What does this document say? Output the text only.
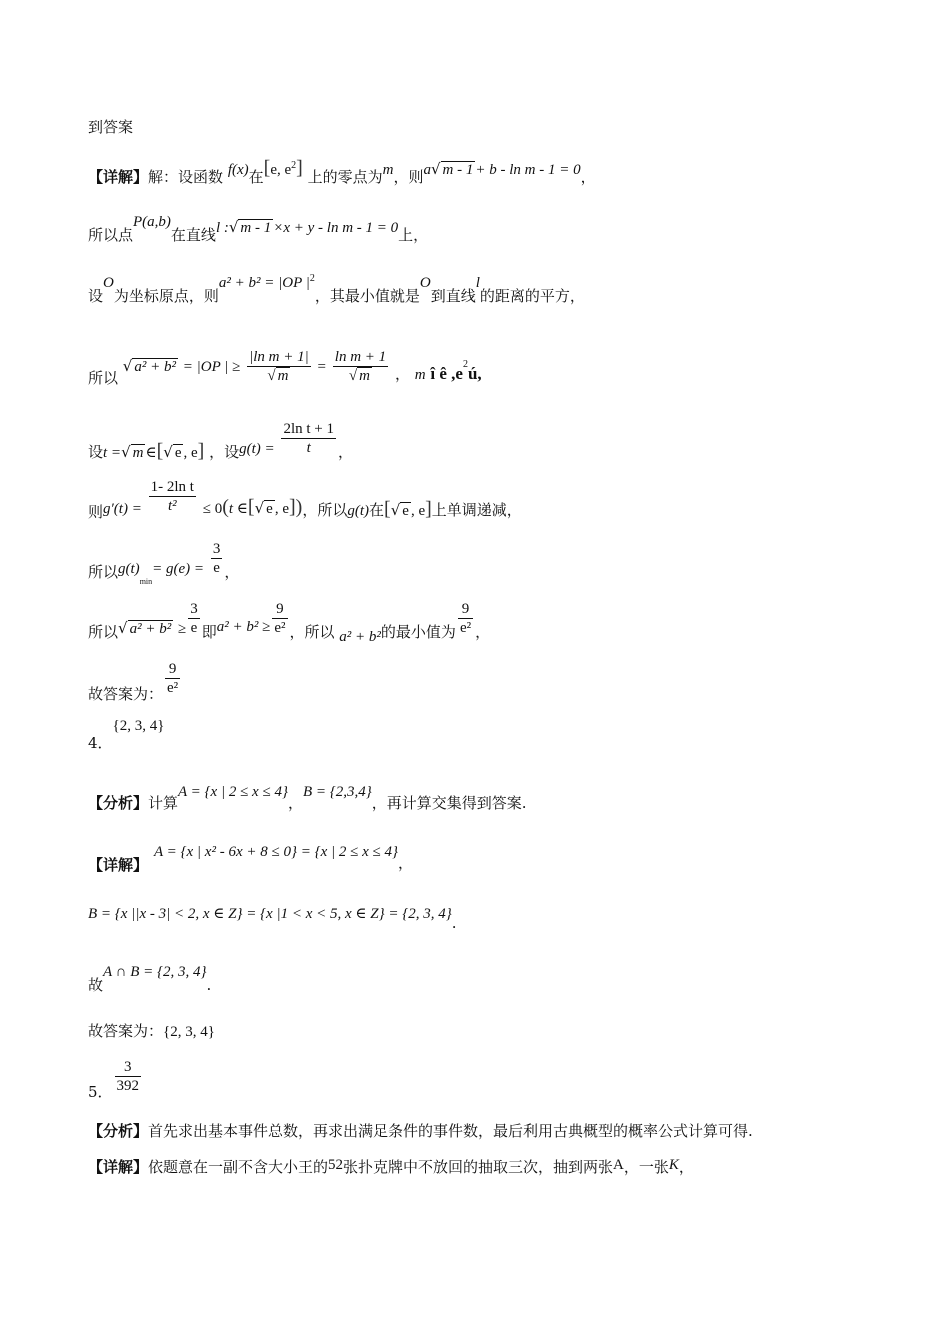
到答案
【详解】解：设函数 f(x)在[e, $e^2$] 上的零点为m，则a√ m - 1 + b - ln m - 1 = 0，
所以点P(a,b)在直线l :√ m - 1 ×x + y - ln m - 1 = 0上，
设O为坐标原点，则a² + b² = |OP $|^2$，其最小值就是O到直线l的距离的平方，
所以 √ a² + b² = |OP | ≥ $\frac{\text{|ln m + 1|}}{√ m} = \frac{\text{ln m + 1}}{√ m}$ ， m î ê $,e^2ú$,
设t =√ m ∈[√ e , e] ，设$g(t) = \frac{\text{2ln t + 1}}{t}$ ，
则$g'(t) = \frac{\text{1- 2ln t}}{\text{t²}} \le 0(t$ ∈[√ e , e])，所以g(t)在[√ e , e]上单调递减，
所以$g(t)_{min}= g(e) = \frac{3}{e}$ ，
所以√ $a^2 + b^2 \ge \frac{3}{e}$ 即$a^2 + b^2 \ge \frac{9}{\text{e²}}$ ，所以 a² + b²的最小值为 $\frac{9}{\text{e²}}$ ，
故答案为： $\frac{9}{\text{e²}}$
4．{2, 3, 4}
【分析】计算A = {x | 2 ≤ x ≤ 4}，B = {2,3,4}，再计算交集得到答案.
【详解】A = {x | x² - 6x + 8 ≤ 0} = {x | 2 ≤ x ≤ 4}，
B = {x ||x - 3| < 2, x ∈ Z} = {x |1 < x < 5, x ∈ Z} = {2, 3, 4}.
故A ∩ B = {2, 3, 4}.
故答案为：{2, 3, 4}
5． $\frac{3}{392}$
【分析】首先求出基本事件总数，再求出满足条件的事件数，最后利用古典概型的概率公式计算可得.
【详解】依题意在一副不含大小王的52张扑克牌中不放回的抽取三次，抽到两张A，一张K，
